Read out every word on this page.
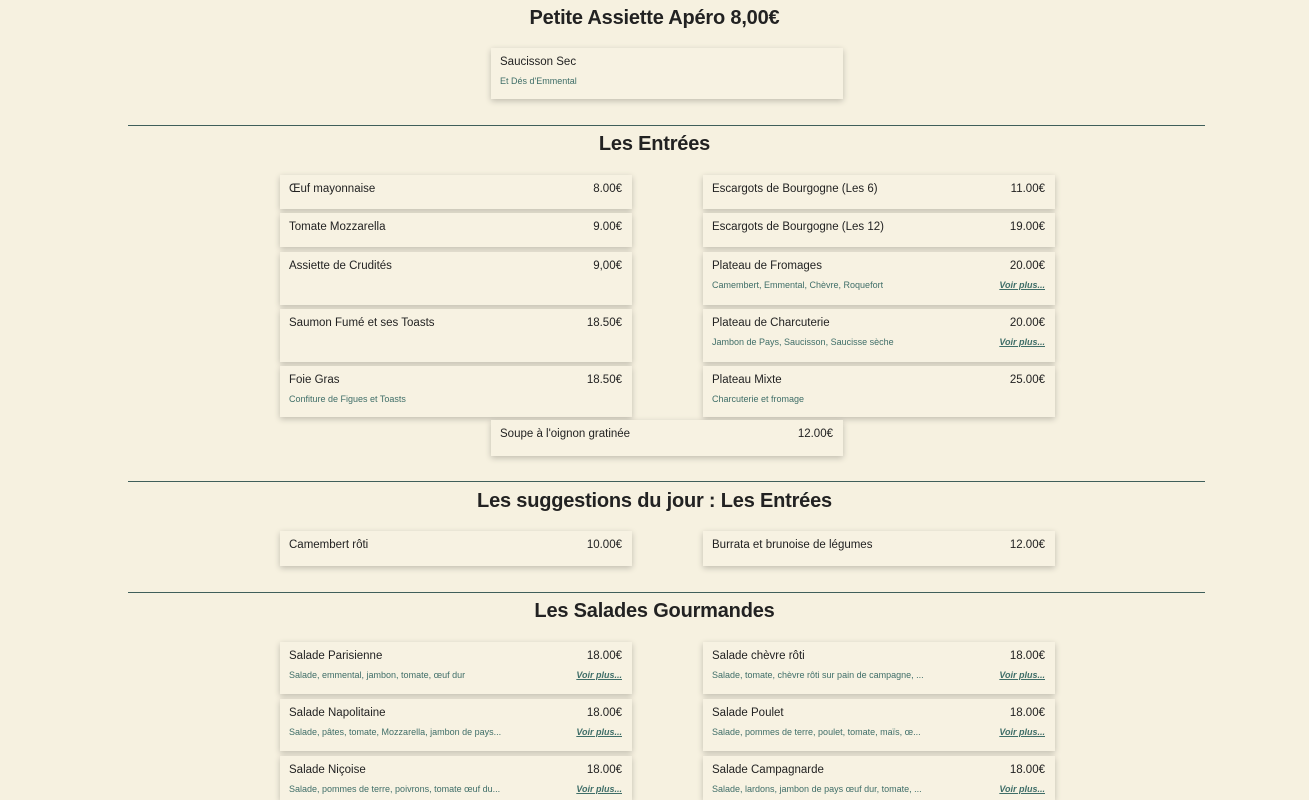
Petite Assiette Apéro 8,00€
Saucisson Sec
Et Dés d'Emmental
Les Entrées
Œuf mayonnaise	8.00€	Escargots de Bourgogne (Les 6)	11.00€
Tomate Mozzarella	9.00€	Escargots de Bourgogne (Les 12)	19.00€
Assiette de Crudités	9,00€	Plateau de Fromages	20.00€
Camembert, Emmental, Chèvre, Roquefort	Voir plus...
Saumon Fumé et ses Toasts	18.50€	Plateau de Charcuterie	20.00€
Jambon de Pays, Saucisson, Saucisse sèche	Voir plus...
Foie Gras	18.50€
Confiture de Figues et Toasts
Plateau Mixte	25.00€
Charcuterie et fromage
Soupe à l'oignon gratinée	12.00€
Les suggestions du jour : Les Entrées
Camembert rôti	10.00€	Burrata et brunoise de légumes	12.00€
Les Salades Gourmandes
Salade Parisienne	18.00€
Salade, emmental, jambon, tomate, œuf dur	Voir plus...
Salade chèvre rôti	18.00€
Salade, tomate, chèvre rôti sur pain de campagne, ...	Voir plus...
Salade Napolitaine	18.00€
Salade, pâtes, tomate, Mozzarella, jambon de pays...	Voir plus...
Salade Poulet	18.00€
Salade, pommes de terre, poulet, tomate, maïs, œ...	Voir plus...
Salade Niçoise	18.00€
Salade, pommes de terre, poivrons, tomate œuf du...	Voir plus...
Salade Campagnarde	18.00€
Salade, lardons, jambon de pays œuf dur, tomate, ...	Voir plus...
